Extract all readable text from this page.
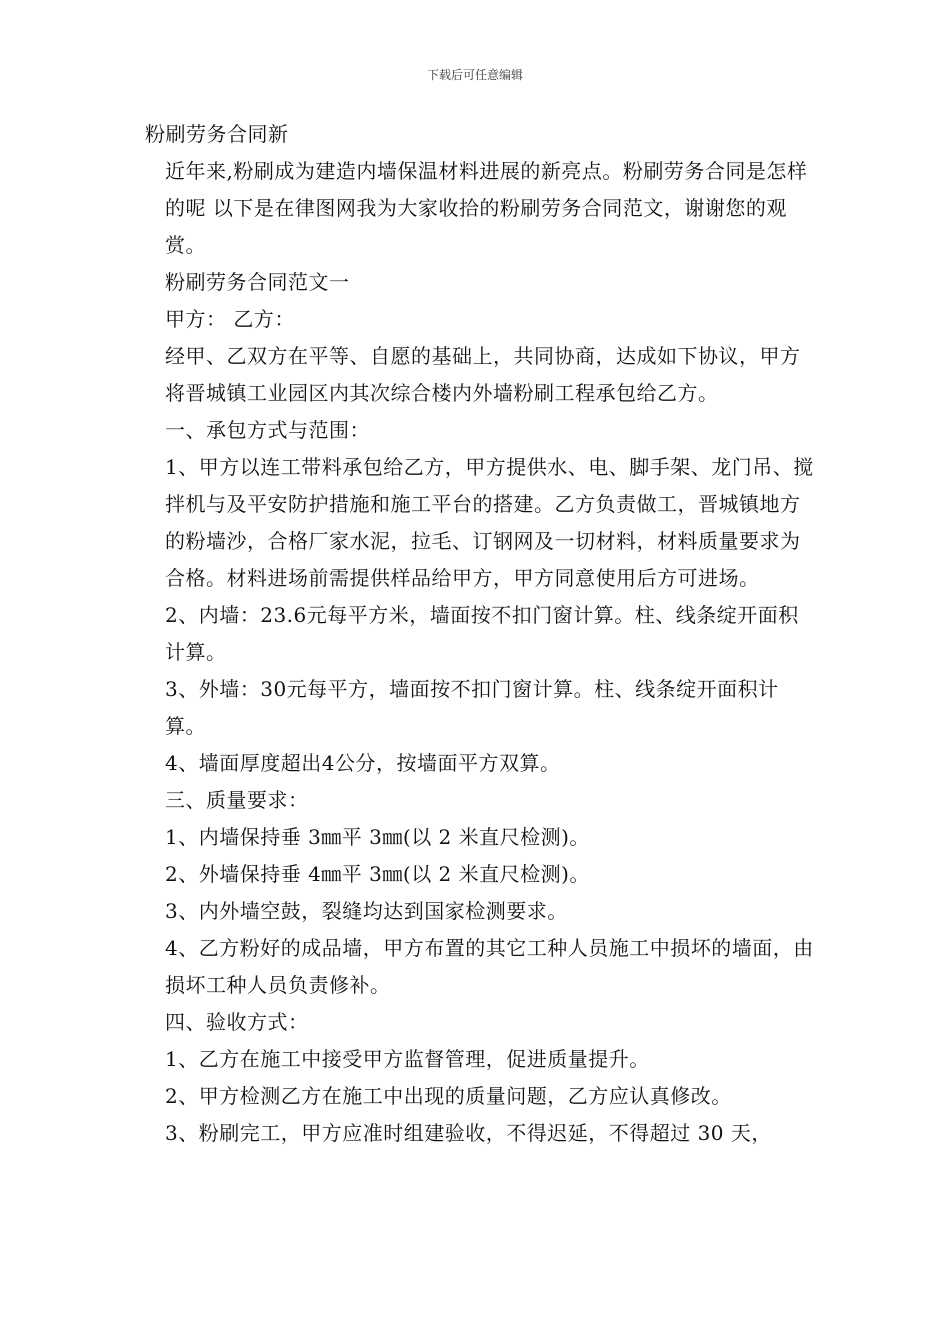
下载后可任意编辑

粉刷劳务合同新

近年来,粉刷成为建造内墙保温材料进展的新亮点。粉刷劳务合同是怎样的呢 以下是在律图网我为大家收拾的粉刷劳务合同范文，谢谢您的观赏。

粉刷劳务合同范文一

甲方： 乙方：

经甲、乙双方在平等、自愿的基础上，共同协商，达成如下协议，甲方将晋城镇工业园区内其次综合楼内外墙粉刷工程承包给乙方。

一、承包方式与范围：

1、甲方以连工带料承包给乙方，甲方提供水、电、脚手架、龙门吊、搅拌机与及平安防护措施和施工平台的搭建。乙方负责做工，晋城镇地方的粉墙沙，合格厂家水泥，拉毛、订钢网及一切材料，材料质量要求为合格。材料进场前需提供样品给甲方，甲方同意使用后方可进场。

2、内墙：23.6元每平方米，墙面按不扣门窗计算。柱、线条绽开面积计算。

3、外墙：30元每平方，墙面按不扣门窗计算。柱、线条绽开面积计算。

4、墙面厚度超出4公分，按墙面平方双算。

三、质量要求：

1、内墙保持垂 3㎜平 3㎜(以 2 米直尺检测)。

2、外墙保持垂 4㎜平 3㎜(以 2 米直尺检测)。

3、内外墙空鼓，裂缝均达到国家检测要求。

4、乙方粉好的成品墙，甲方布置的其它工种人员施工中损坏的墙面，由损坏工种人员负责修补。

四、验收方式：

1、乙方在施工中接受甲方监督管理，促进质量提升。

2、甲方检测乙方在施工中出现的质量问题，乙方应认真修改。

3、粉刷完工，甲方应准时组建验收，不得迟延，不得超过 30 天，
